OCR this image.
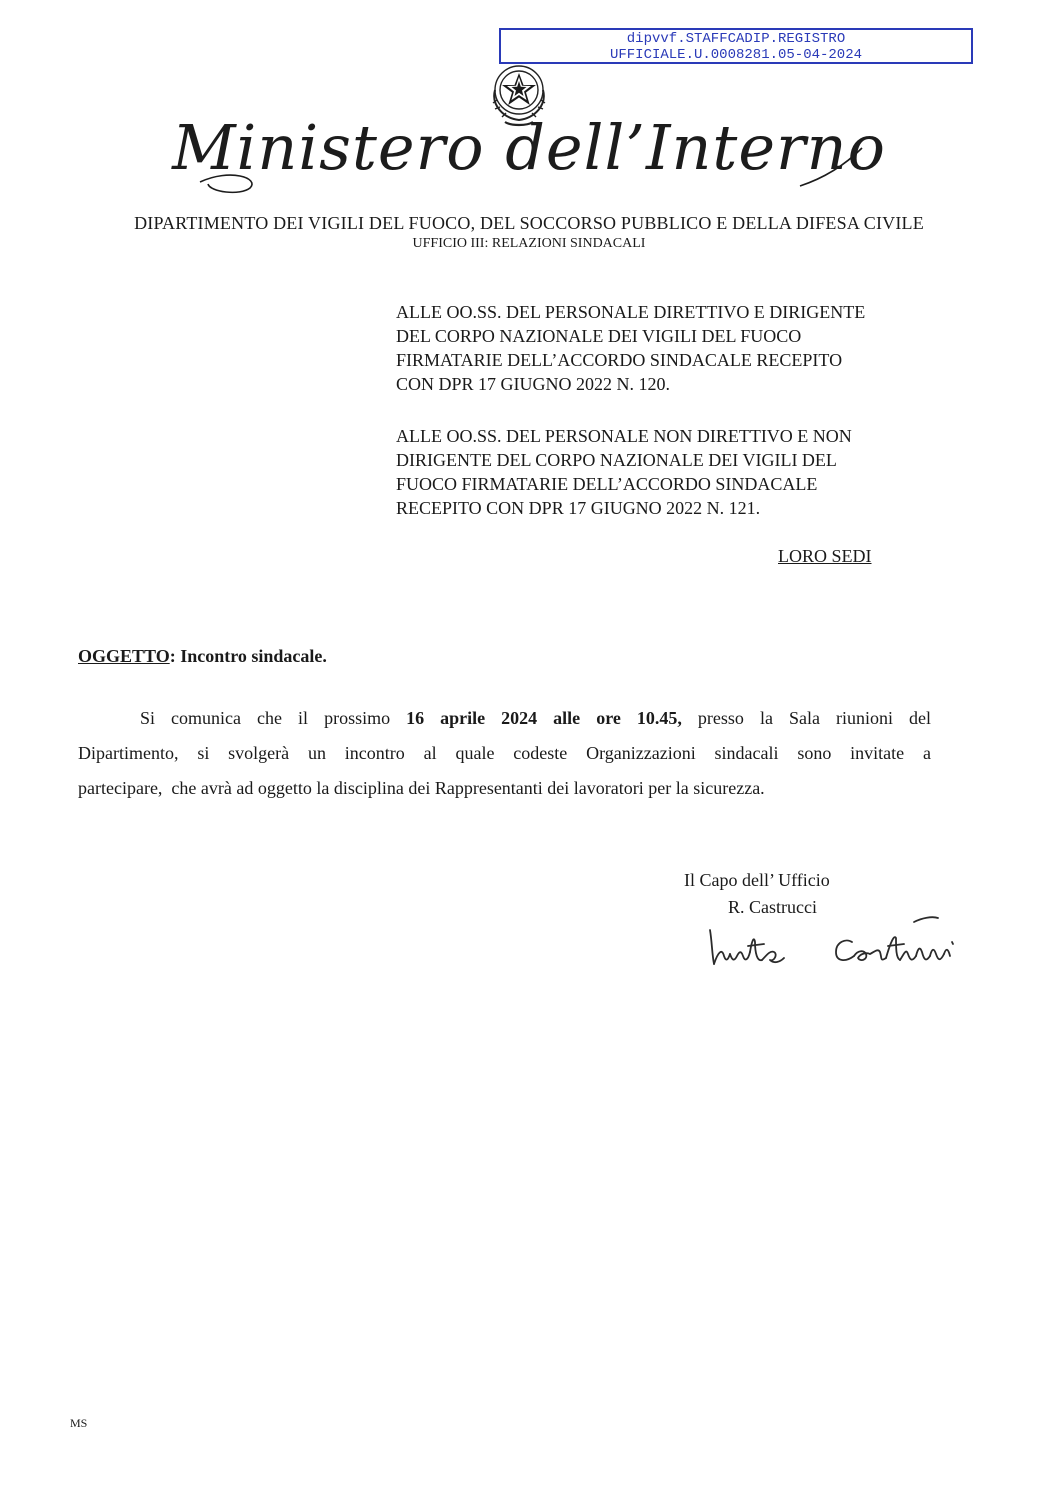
dipvvf.STAFFCADIP.REGISTRO
UFFICIALE.U.0008281.05-04-2024
Ministero dell’Interno
DIPARTIMENTO DEI VIGILI DEL FUOCO, DEL SOCCORSO PUBBLICO E DELLA DIFESA CIVILE
UFFICIO III: RELAZIONI SINDACALI
ALLE OO.SS. DEL PERSONALE DIRETTIVO E DIRIGENTE
DEL CORPO NAZIONALE DEI VIGILI DEL FUOCO
FIRMATARIE DELL’ACCORDO SINDACALE RECEPITO
CON DPR 17 GIUGNO 2022 N. 120.
ALLE OO.SS. DEL PERSONALE NON DIRETTIVO E NON
DIRIGENTE DEL CORPO NAZIONALE DEI VIGILI DEL
FUOCO FIRMATARIE DELL’ACCORDO SINDACALE
RECEPITO CON DPR 17 GIUGNO 2022 N. 121.
LORO SEDI
OGGETTO: Incontro sindacale.
Si comunica che il prossimo 16 aprile 2024 alle ore 10.45, presso la Sala riunioni del
Dipartimento, si svolgerà un incontro al quale codeste Organizzazioni sindacali sono invitate a
partecipare,  che avrà ad oggetto la disciplina dei Rappresentanti dei lavoratori per la sicurezza.
Il Capo dell’ Ufficio
R. Castrucci
MS
